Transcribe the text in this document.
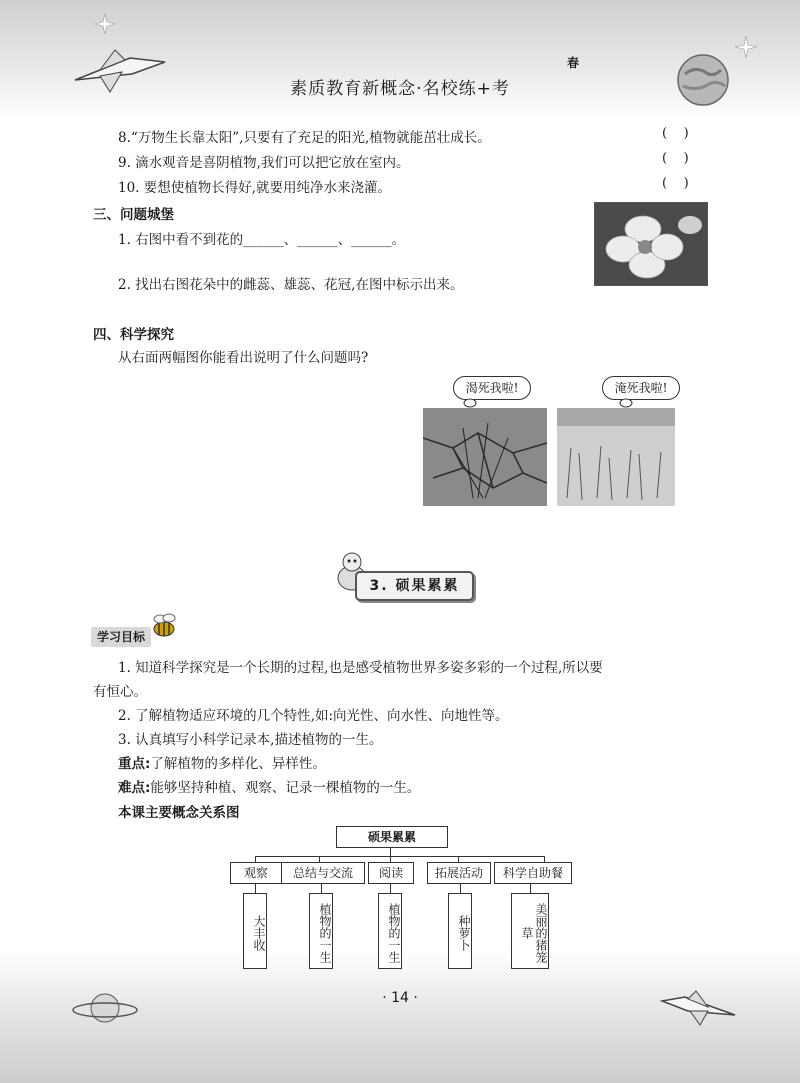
春
素质教育新概念·名校练+考
8.“万物生长靠太阳”,只要有了充足的阳光,植物就能茁壮成长。	(    )
9. 滴水观音是喜阴植物,我们可以把它放在室内。	(    )
10. 要想使植物长得好,就要用纯净水来浇灌。	(    )
三、问题城堡
1. 右图中看不到花的______、______、______。
2. 找出右图花朵中的雌蕊、雄蕊、花冠,在图中标示出来。
四、科学探究
从右面两幅图你能看出说明了什么问题吗?
渴死我啦!	淹死我啦!
3. 硕果累累
学习目标
1. 知道科学探究是一个长期的过程,也是感受植物世界多姿多彩的一个过程,所以要
有恒心。
2. 了解植物适应环境的几个特性,如:向光性、向水性、向地性等。
3. 认真填写小科学记录本,描述植物的一生。
重点:了解植物的多样化、异样性。
难点:能够坚持种植、观察、记录一棵植物的一生。
本课主要概念关系图
硕果累累
观察	总结与交流	阅读	拓展活动	科学自助餐
大丰收	植物的一生	植物的一生	种萝卜	美丽的猪笼草
· 14 ·
